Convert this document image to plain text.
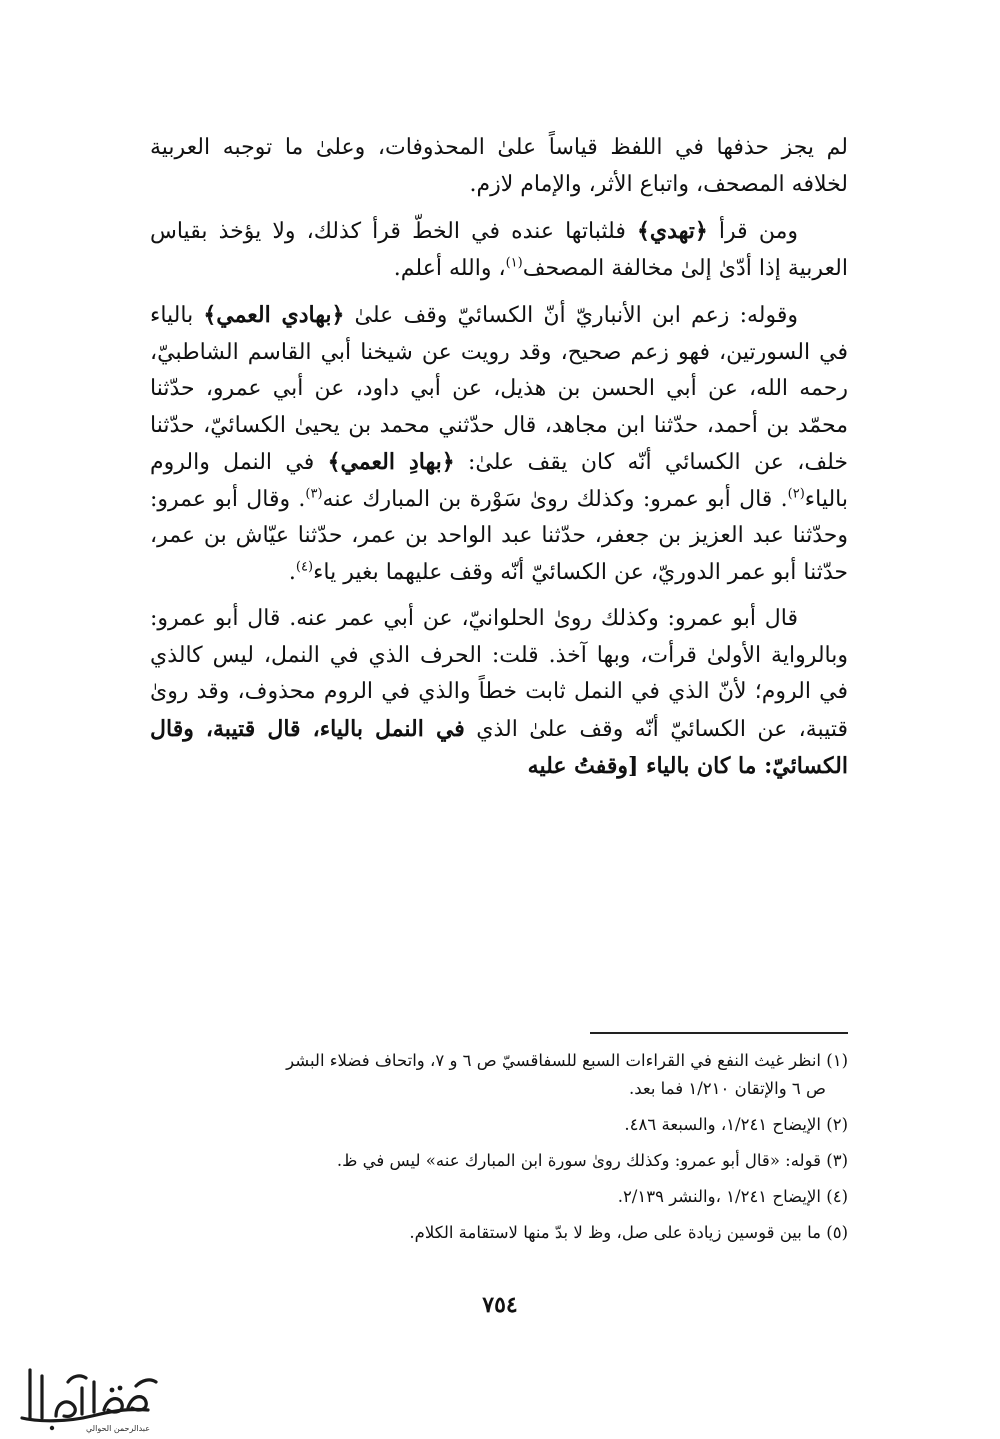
لم يجز حذفها في اللفظ قياساً علىٰ المحذوفات، وعلىٰ ما توجبه العربية لخلافه المصحف، واتباع الأثر، والإمام لازم.

ومن قرأ ﴿تهدي﴾ فلثباتها عنده في الخطّ قرأ كذلك، ولا يؤخذ بقياس العربية إذا أدّىٰ إلىٰ مخالفة المصحف$^{(١)}$، والله أعلم.

وقوله: زعم ابن الأنباريّ أنّ الكسائيّ وقف علىٰ ﴿بهادي العمي﴾ بالياء في السورتين، فهو زعم صحيح، وقد رويت عن شيخنا أبي القاسم الشاطبيّ، رحمه الله، عن أبي الحسن بن هذيل، عن أبي داود، عن أبي عمرو، حدّثنا محمّد بن أحمد، حدّثنا ابن مجاهد، قال حدّثني محمد بن يحيىٰ الكسائيّ، حدّثنا خلف، عن الكسائي أنّه كان يقف علىٰ: ﴿بهادِ العمي﴾ في النمل والروم بالياء$^{(٢)}$. قال أبو عمرو: وكذلك روىٰ سَوْرة بن المبارك عنه$^{(٣)}$. وقال أبو عمرو: وحدّثنا عبد العزيز بن جعفر، حدّثنا عبد الواحد بن عمر، حدّثنا عيّاش بن عمر، حدّثنا أبو عمر الدوريّ، عن الكسائيّ أنّه وقف عليهما بغير ياء$^{(٤)}$.

قال أبو عمرو: وكذلك روىٰ الحلوانيّ، عن أبي عمر عنه. قال أبو عمرو: وبالرواية الأولىٰ قرأت، وبها آخذ. قلت: الحرف الذي في النمل، ليس كالذي في الروم؛ لأنّ الذي في النمل ثابت خطاً والذي في الروم محذوف، وقد روىٰ قتيبة، عن الكسائيّ أنّه وقف علىٰ الذي في النمل بالياء، قال قتيبة، وقال الكسائيّ: ما كان بالياء [وقفتُ عليه

(١) انظر غيث النفع في القراءات السبع للسفاقسيّ ص ٦ و ٧، واتحاف فضلاء البشر
ص ٦ والإتقان ١/٢١٠ فما بعد.
(٢) الإيضاح ١/٢٤١، والسبعة ٤٨٦.
(٣) قوله: «قال أبو عمرو: وكذلك روىٰ سورة ابن المبارك عنه» ليس في ظ.
(٤) الإيضاح ١/٢٤١ ،والنشر ٢/١٣٩.
(٥) ما بين قوسين زيادة على صل، وظ لا بدّ منها لاستقامة الكلام.
٧٥٤
عبدالرحمن الحوالي
